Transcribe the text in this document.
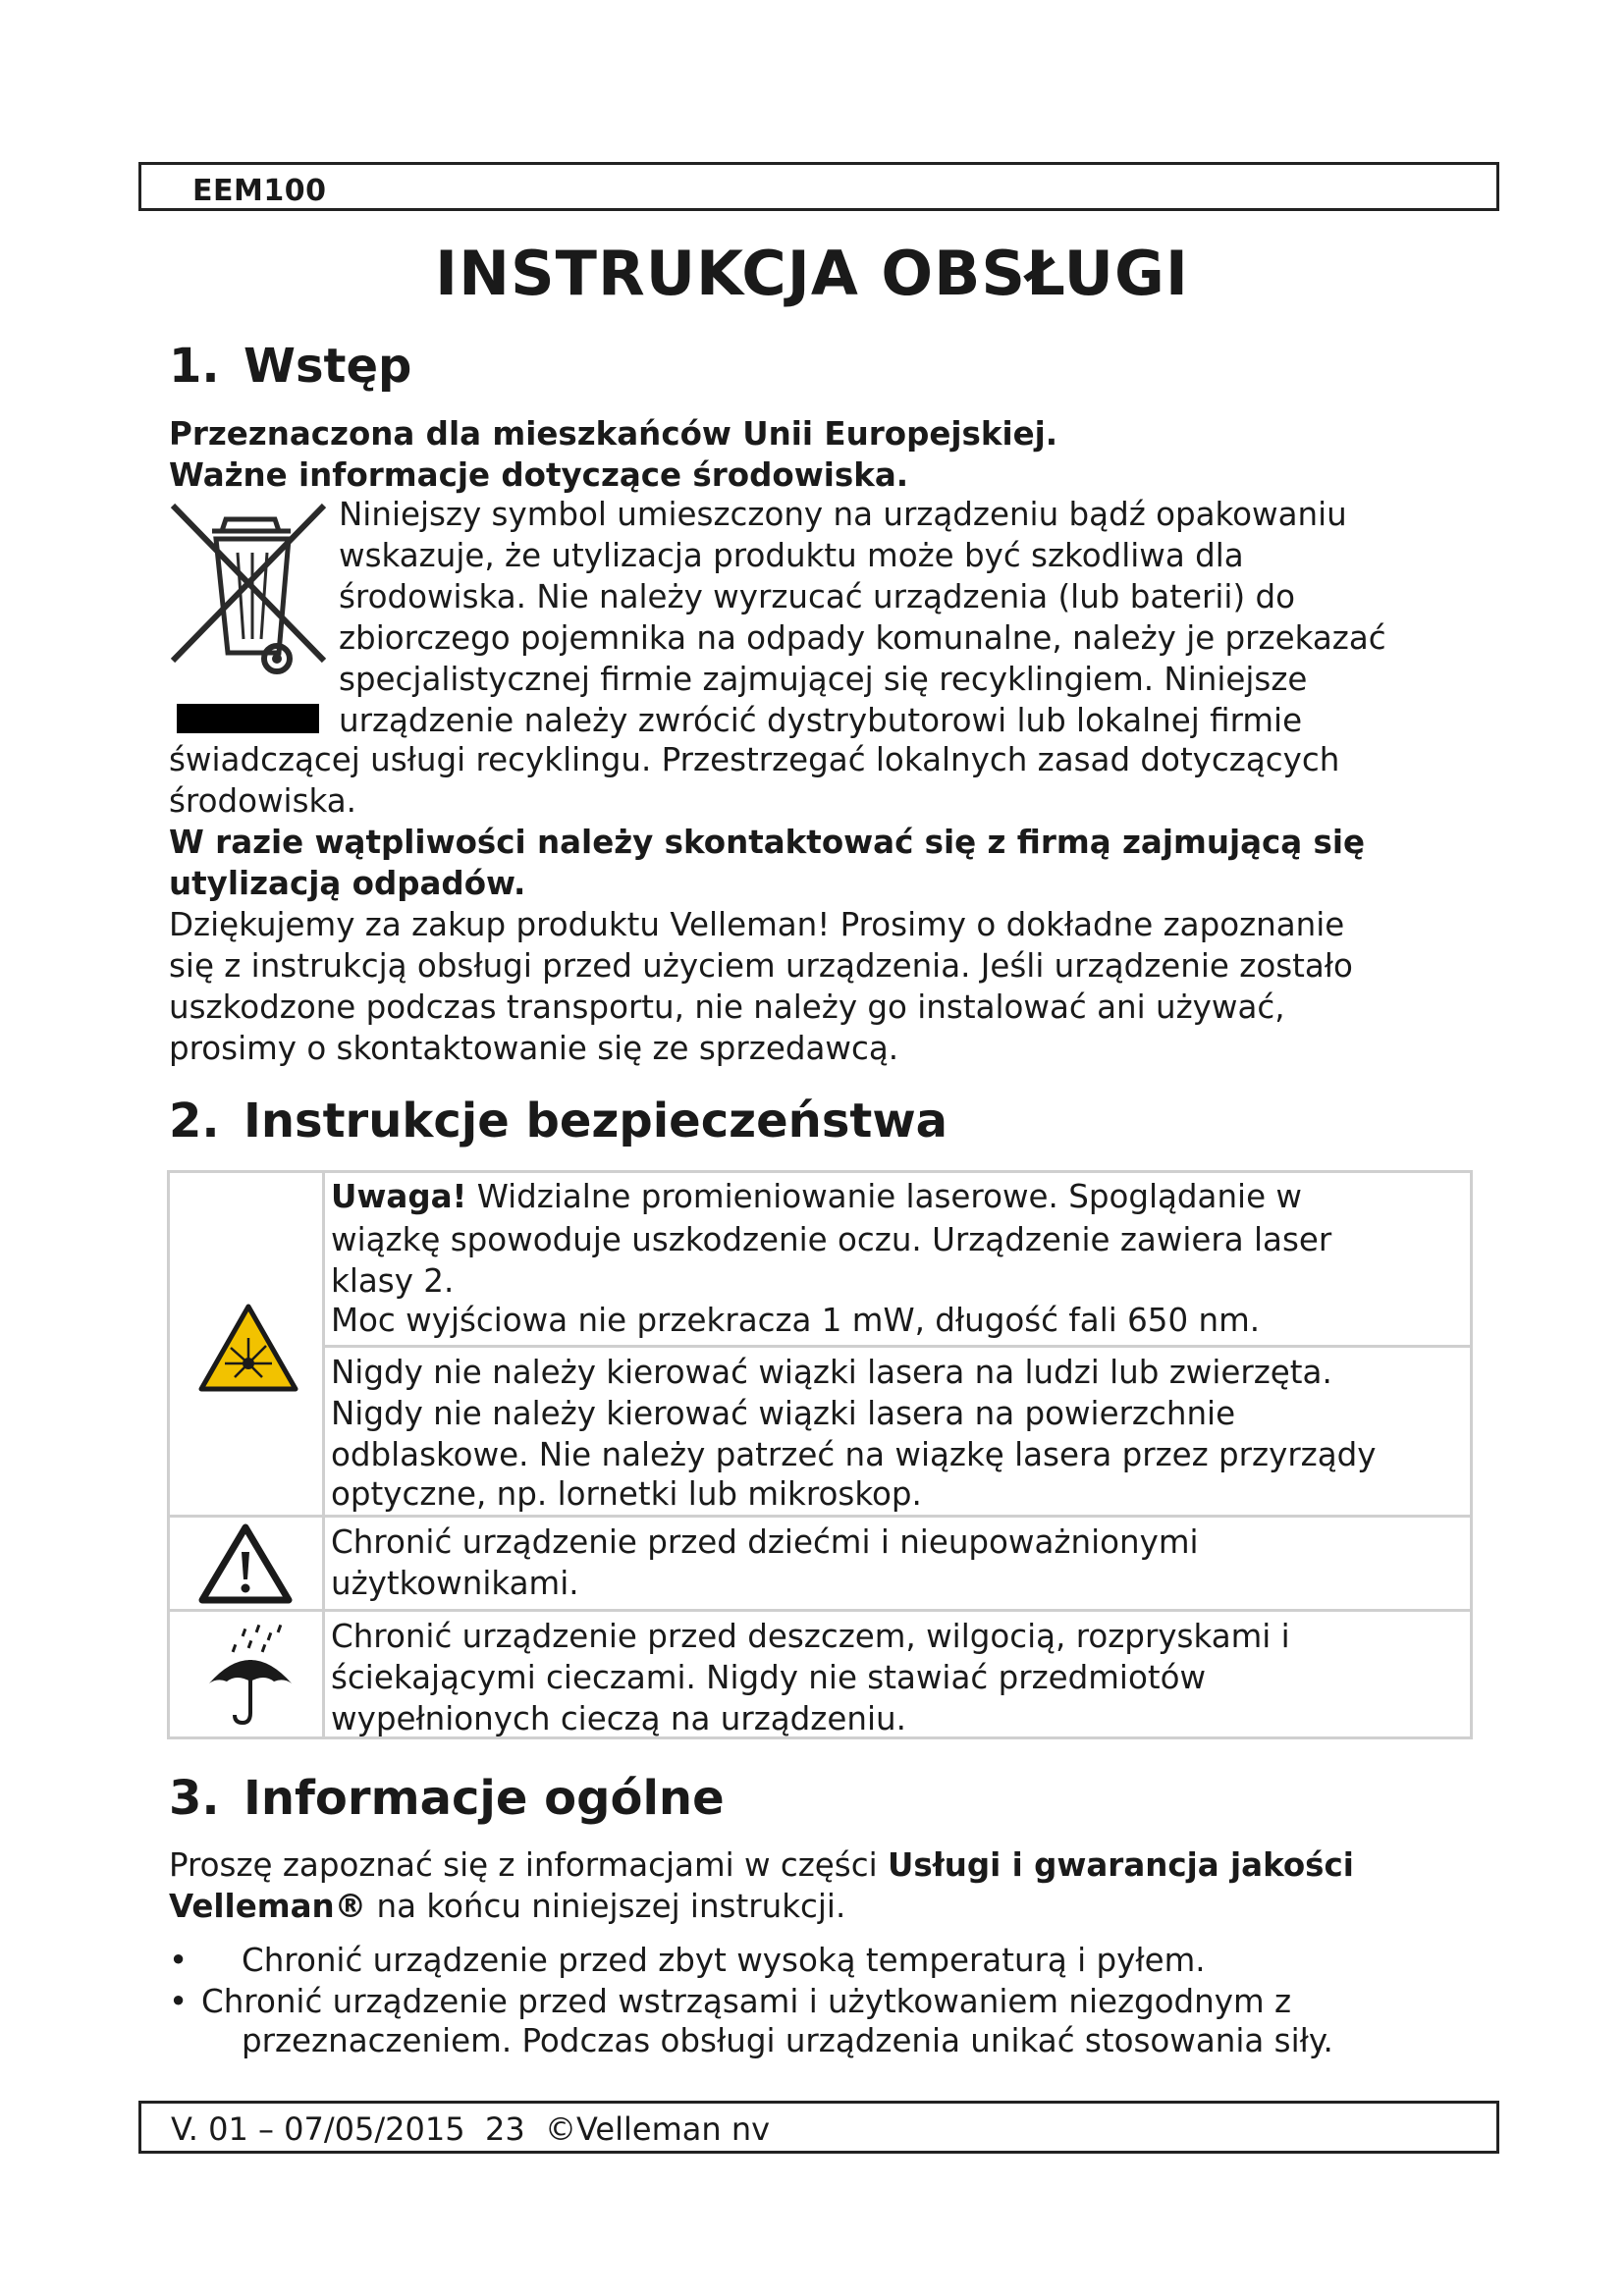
EEM100
INSTRUKCJA OBSŁUGI
1. Wstęp
Przeznaczona dla mieszkańców Unii Europejskiej.
Ważne informacje dotyczące środowiska.
Niniejszy symbol umieszczony na urządzeniu bądź opakowaniu
wskazuje, że utylizacja produktu może być szkodliwa dla
środowiska. Nie należy wyrzucać urządzenia (lub baterii) do
zbiorczego pojemnika na odpady komunalne, należy je przekazać
specjalistycznej firmie zajmującej się recyklingiem. Niniejsze
urządzenie należy zwrócić dystrybutorowi lub lokalnej firmie
świadczącej usługi recyklingu. Przestrzegać lokalnych zasad dotyczących
środowiska.
W razie wątpliwości należy skontaktować się z firmą zajmującą się
utylizacją odpadów.
Dziękujemy za zakup produktu Velleman! Prosimy o dokładne zapoznanie
się z instrukcją obsługi przed użyciem urządzenia. Jeśli urządzenie zostało
uszkodzone podczas transportu, nie należy go instalować ani używać,
prosimy o skontaktowanie się ze sprzedawcą.
2. Instrukcje bezpieczeństwa
Uwaga! Widzialne promieniowanie laserowe. Spoglądanie w
wiązkę spowoduje uszkodzenie oczu. Urządzenie zawiera laser
klasy 2.
Moc wyjściowa nie przekracza 1 mW, długość fali 650 nm.
Nigdy nie należy kierować wiązki lasera na ludzi lub zwierzęta.
Nigdy nie należy kierować wiązki lasera na powierzchnie
odblaskowe. Nie należy patrzeć na wiązkę lasera przez przyrządy
optyczne, np. lornetki lub mikroskop.
Chronić urządzenie przed dziećmi i nieupoważnionymi
użytkownikami.
Chronić urządzenie przed deszczem, wilgocią, rozpryskami i
ściekającymi cieczami. Nigdy nie stawiać przedmiotów
wypełnionych cieczą na urządzeniu.
3. Informacje ogólne
Proszę zapoznać się z informacjami w części Usługi i gwarancja jakości
Velleman® na końcu niniejszej instrukcji.
• Chronić urządzenie przed zbyt wysoką temperaturą i pyłem.
• Chronić urządzenie przed wstrząsami i użytkowaniem niezgodnym z
przeznaczeniem. Podczas obsługi urządzenia unikać stosowania siły.
V. 01 – 07/05/2015 23 ©Velleman nv
